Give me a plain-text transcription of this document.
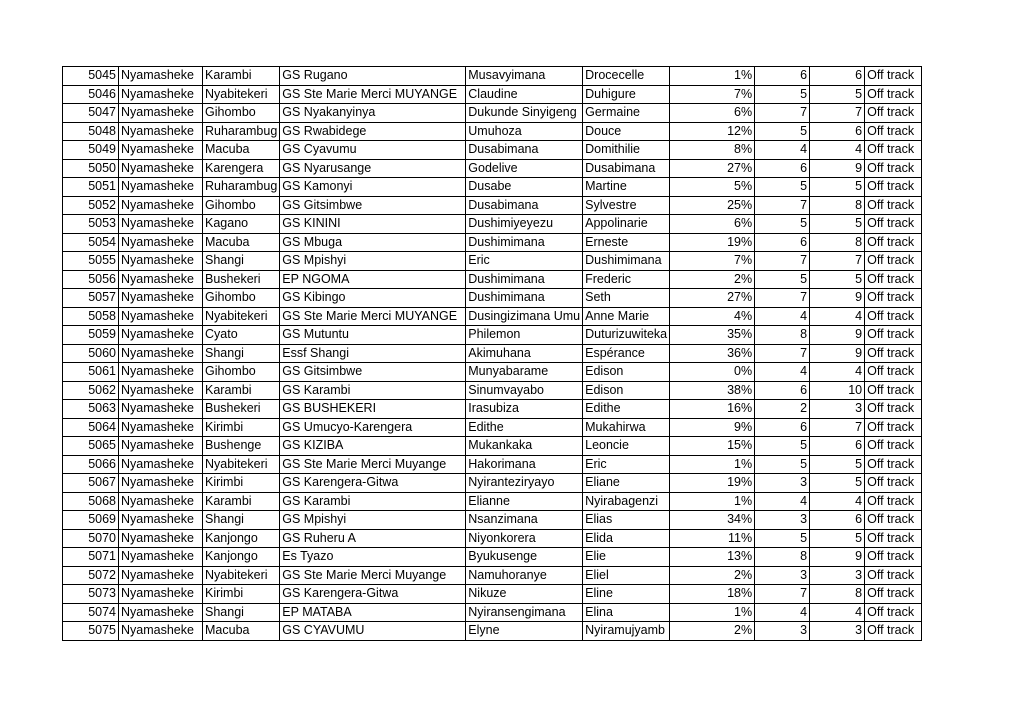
5045	Nyamasheke	Karambi	GS Rugano	Musavyimana	Drocecelle	1%	6	6	Off track
5046	Nyamasheke	Nyabitekeri	GS Ste Marie Merci MUYANGE	Claudine	Duhigure	7%	5	5	Off track
5047	Nyamasheke	Gihombo	GS Nyakanyinya	Dukunde Sinyigeng	Germaine	6%	7	7	Off track
5048	Nyamasheke	Ruharambug	GS Rwabidege	Umuhoza	Douce	12%	5	6	Off track
5049	Nyamasheke	Macuba	GS Cyavumu	Dusabimana	Domithilie	8%	4	4	Off track
5050	Nyamasheke	Karengera	GS Nyarusange	Godelive	Dusabimana	27%	6	9	Off track
5051	Nyamasheke	Ruharambug	GS Kamonyi	Dusabe	Martine	5%	5	5	Off track
5052	Nyamasheke	Gihombo	GS Gitsimbwe	Dusabimana	Sylvestre	25%	7	8	Off track
5053	Nyamasheke	Kagano	GS KININI	Dushimiyeyezu	Appolinarie	6%	5	5	Off track
5054	Nyamasheke	Macuba	GS Mbuga	Dushimimana	Erneste	19%	6	8	Off track
5055	Nyamasheke	Shangi	GS Mpishyi	Eric	Dushimimana	7%	7	7	Off track
5056	Nyamasheke	Bushekeri	EP NGOMA	Dushimimana	Frederic	2%	5	5	Off track
5057	Nyamasheke	Gihombo	GS Kibingo	Dushimimana	Seth	27%	7	9	Off track
5058	Nyamasheke	Nyabitekeri	GS Ste Marie Merci MUYANGE	Dusingizimana Umu	Anne Marie	4%	4	4	Off track
5059	Nyamasheke	Cyato	GS Mutuntu	Philemon	Duturizuwiteka	35%	8	9	Off track
5060	Nyamasheke	Shangi	Essf Shangi	Akimuhana	Espérance	36%	7	9	Off track
5061	Nyamasheke	Gihombo	GS Gitsimbwe	Munyabarame	Edison	0%	4	4	Off track
5062	Nyamasheke	Karambi	GS Karambi	Sinumvayabo	Edison	38%	6	10	Off track
5063	Nyamasheke	Bushekeri	GS BUSHEKERI	Irasubiza	Edithe	16%	2	3	Off track
5064	Nyamasheke	Kirimbi	GS Umucyo-Karengera	Edithe	Mukahirwa	9%	6	7	Off track
5065	Nyamasheke	Bushenge	GS KIZIBA	Mukankaka	Leoncie	15%	5	6	Off track
5066	Nyamasheke	Nyabitekeri	GS Ste Marie Merci Muyange	Hakorimana	Eric	1%	5	5	Off track
5067	Nyamasheke	Kirimbi	GS Karengera-Gitwa	Nyiranteziryayo	Eliane	19%	3	5	Off track
5068	Nyamasheke	Karambi	GS Karambi	Elianne	Nyirabagenzi	1%	4	4	Off track
5069	Nyamasheke	Shangi	GS Mpishyi	Nsanzimana	Elias	34%	3	6	Off track
5070	Nyamasheke	Kanjongo	GS Ruheru A	Niyonkorera	Elida	11%	5	5	Off track
5071	Nyamasheke	Kanjongo	Es Tyazo	Byukusenge	Elie	13%	8	9	Off track
5072	Nyamasheke	Nyabitekeri	GS Ste Marie Merci Muyange	Namuhoranye	Eliel	2%	3	3	Off track
5073	Nyamasheke	Kirimbi	GS Karengera-Gitwa	Nikuze	Eline	18%	7	8	Off track
5074	Nyamasheke	Shangi	EP MATABA	Nyiransengimana	Elina	1%	4	4	Off track
5075	Nyamasheke	Macuba	GS CYAVUMU	Elyne	Nyiramujyamb	2%	3	3	Off track
